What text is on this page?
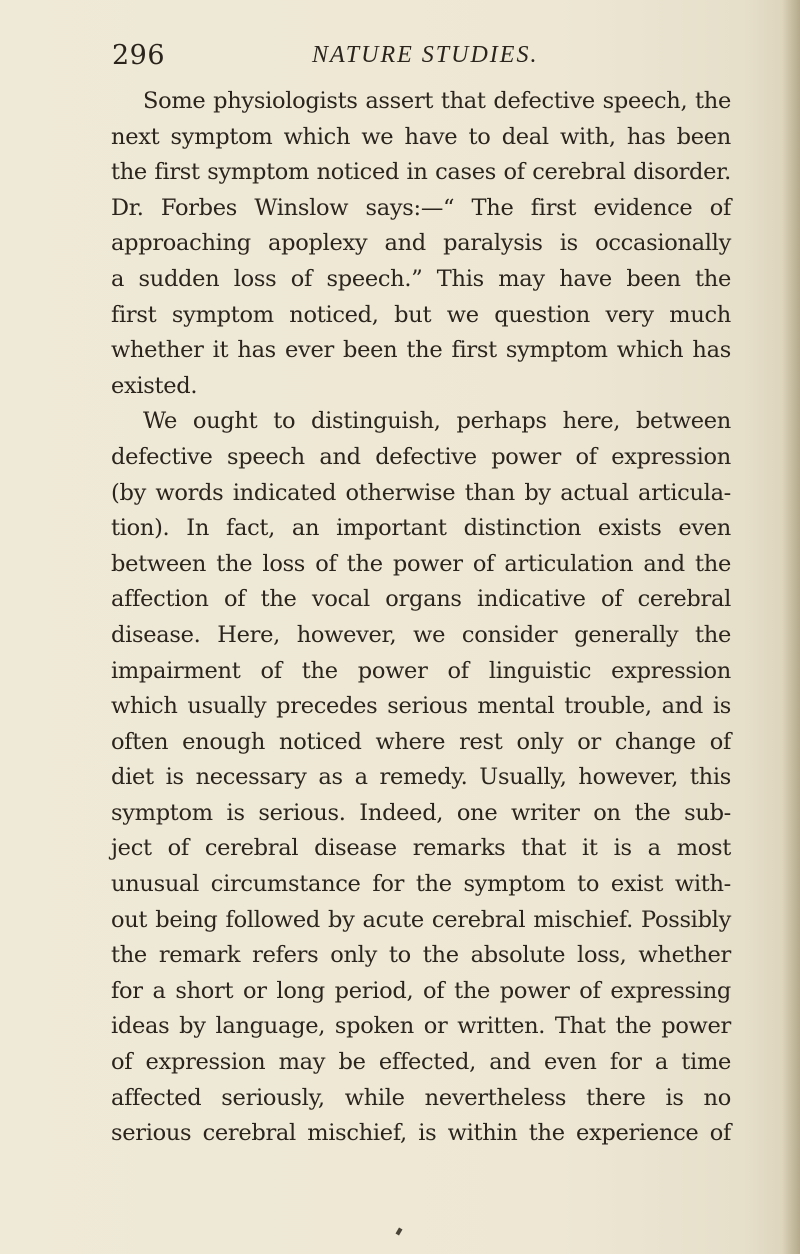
296	NATURE STUDIES.
Some physiologists assert that defective speech, the
next symptom which we have to deal with, has been
the first symptom noticed in cases of cerebral disorder.
Dr. Forbes Winslow says:—“ The first evidence of
approaching apoplexy and paralysis is occasionally
a sudden loss of speech.” This may have been the
first symptom noticed, but we question very much
whether it has ever been the first symptom which has
existed.
We ought to distinguish, perhaps here, between
defective speech and defective power of expression
(by words indicated otherwise than by actual articula-
tion). In fact, an important distinction exists even
between the loss of the power of articulation and the
affection of the vocal organs indicative of cerebral
disease. Here, however, we consider generally the
impairment of the power of linguistic expression
which usually precedes serious mental trouble, and is
often enough noticed where rest only or change of
diet is necessary as a remedy. Usually, however, this
symptom is serious. Indeed, one writer on the sub-
ject of cerebral disease remarks that it is a most
unusual circumstance for the symptom to exist with-
out being followed by acute cerebral mischief. Possibly
the remark refers only to the absolute loss, whether
for a short or long period, of the power of expressing
ideas by language, spoken or written. That the power
of expression may be effected, and even for a time
affected seriously, while nevertheless there is no
serious cerebral mischief, is within the experience of
